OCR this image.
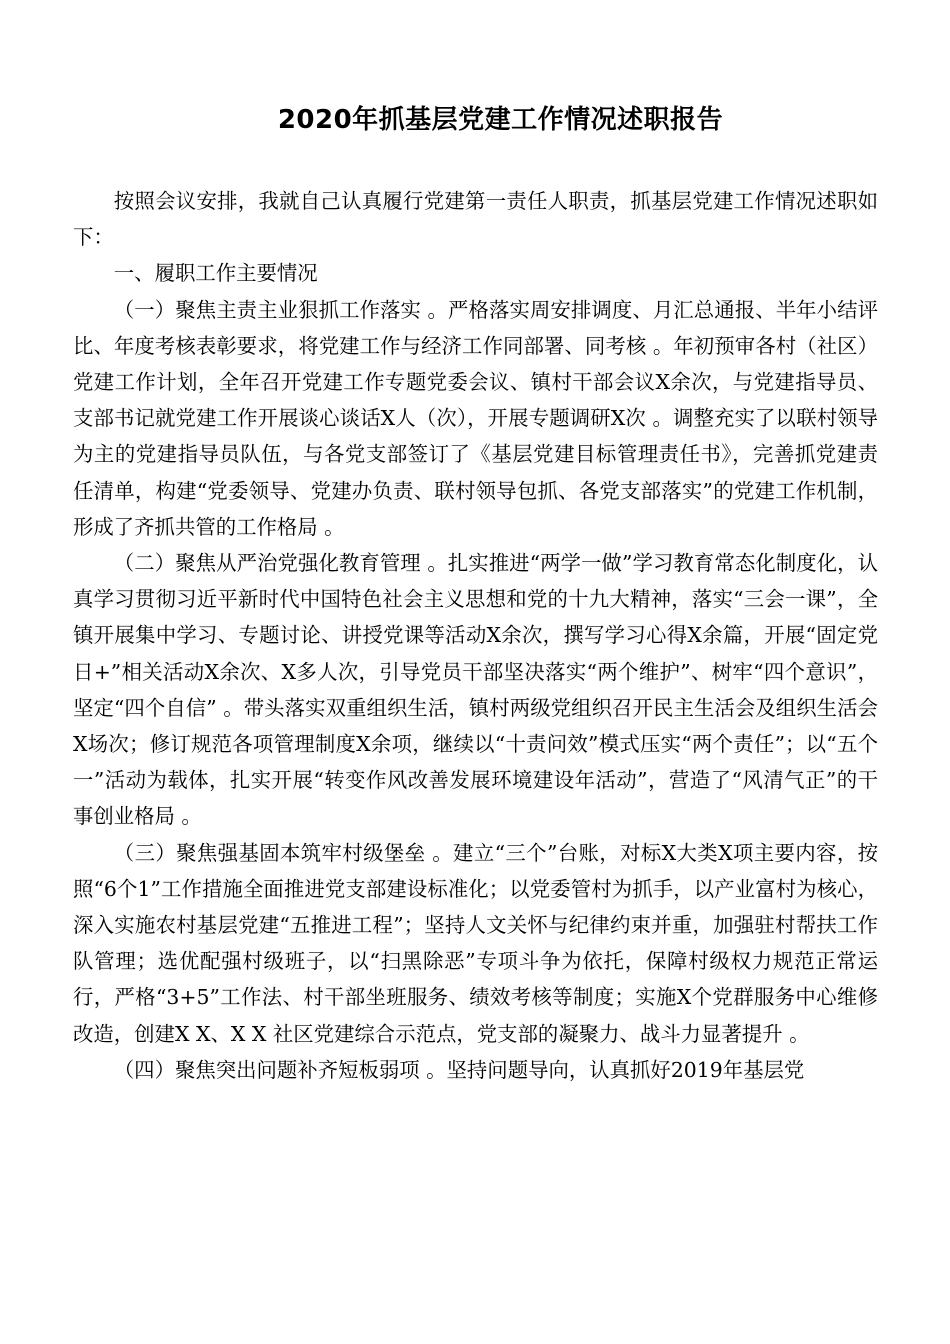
2020年抓基层党建工作情况述职报告

按照会议安排，我就自己认真履行党建第一责任人职责，抓基层党建工作情况述职如下：

一、履职工作主要情况

（一）聚焦主责主业狠抓工作落实 。严格落实周安排调度、月汇总通报、半年小结评比、年度考核表彰要求，将党建工作与经济工作同部署、同考核 。年初预审各村（社区）党建工作计划，全年召开党建工作专题党委会议、镇村干部会议X余次，与党建指导员、支部书记就党建工作开展谈心谈话X人（次），开展专题调研X次 。调整充实了以联村领导为主的党建指导员队伍，与各党支部签订了《基层党建目标管理责任书》，完善抓党建责任清单，构建“党委领导、党建办负责、联村领导包抓、各党支部落实”的党建工作机制，形成了齐抓共管的工作格局 。

（二）聚焦从严治党强化教育管理 。扎实推进“两学一做”学习教育常态化制度化，认真学习贯彻习近平新时代中国特色社会主义思想和党的十九大精神，落实“三会一课”，全镇开展集中学习、专题讨论、讲授党课等活动X余次，撰写学习心得X余篇，开展“固定党日+”相关活动X余次、X多人次，引导党员干部坚决落实“两个维护”、树牢“四个意识”，坚定“四个自信” 。带头落实双重组织生活，镇村两级党组织召开民主生活会及组织生活会X场次；修订规范各项管理制度X余项，继续以“十责问效”模式压实“两个责任”；以“五个一”活动为载体，扎实开展“转变作风改善发展环境建设年活动”，营造了“风清气正”的干事创业格局 。

（三）聚焦强基固本筑牢村级堡垒 。建立“三个”台账，对标X大类X项主要内容，按照“6个1”工作措施全面推进党支部建设标准化；以党委管村为抓手，以产业富村为核心，深入实施农村基层党建“五推进工程”；坚持人文关怀与纪律约束并重，加强驻村帮扶工作队管理；选优配强村级班子，以“扫黑除恶”专项斗争为依托，保障村级权力规范正常运行，严格“3+5”工作法、村干部坐班服务、绩效考核等制度；实施X个党群服务中心维修改造，创建X X、X X 社区党建综合示范点，党支部的凝聚力、战斗力显著提升 。

（四）聚焦突出问题补齐短板弱项 。坚持问题导向，认真抓好2019年基层党
